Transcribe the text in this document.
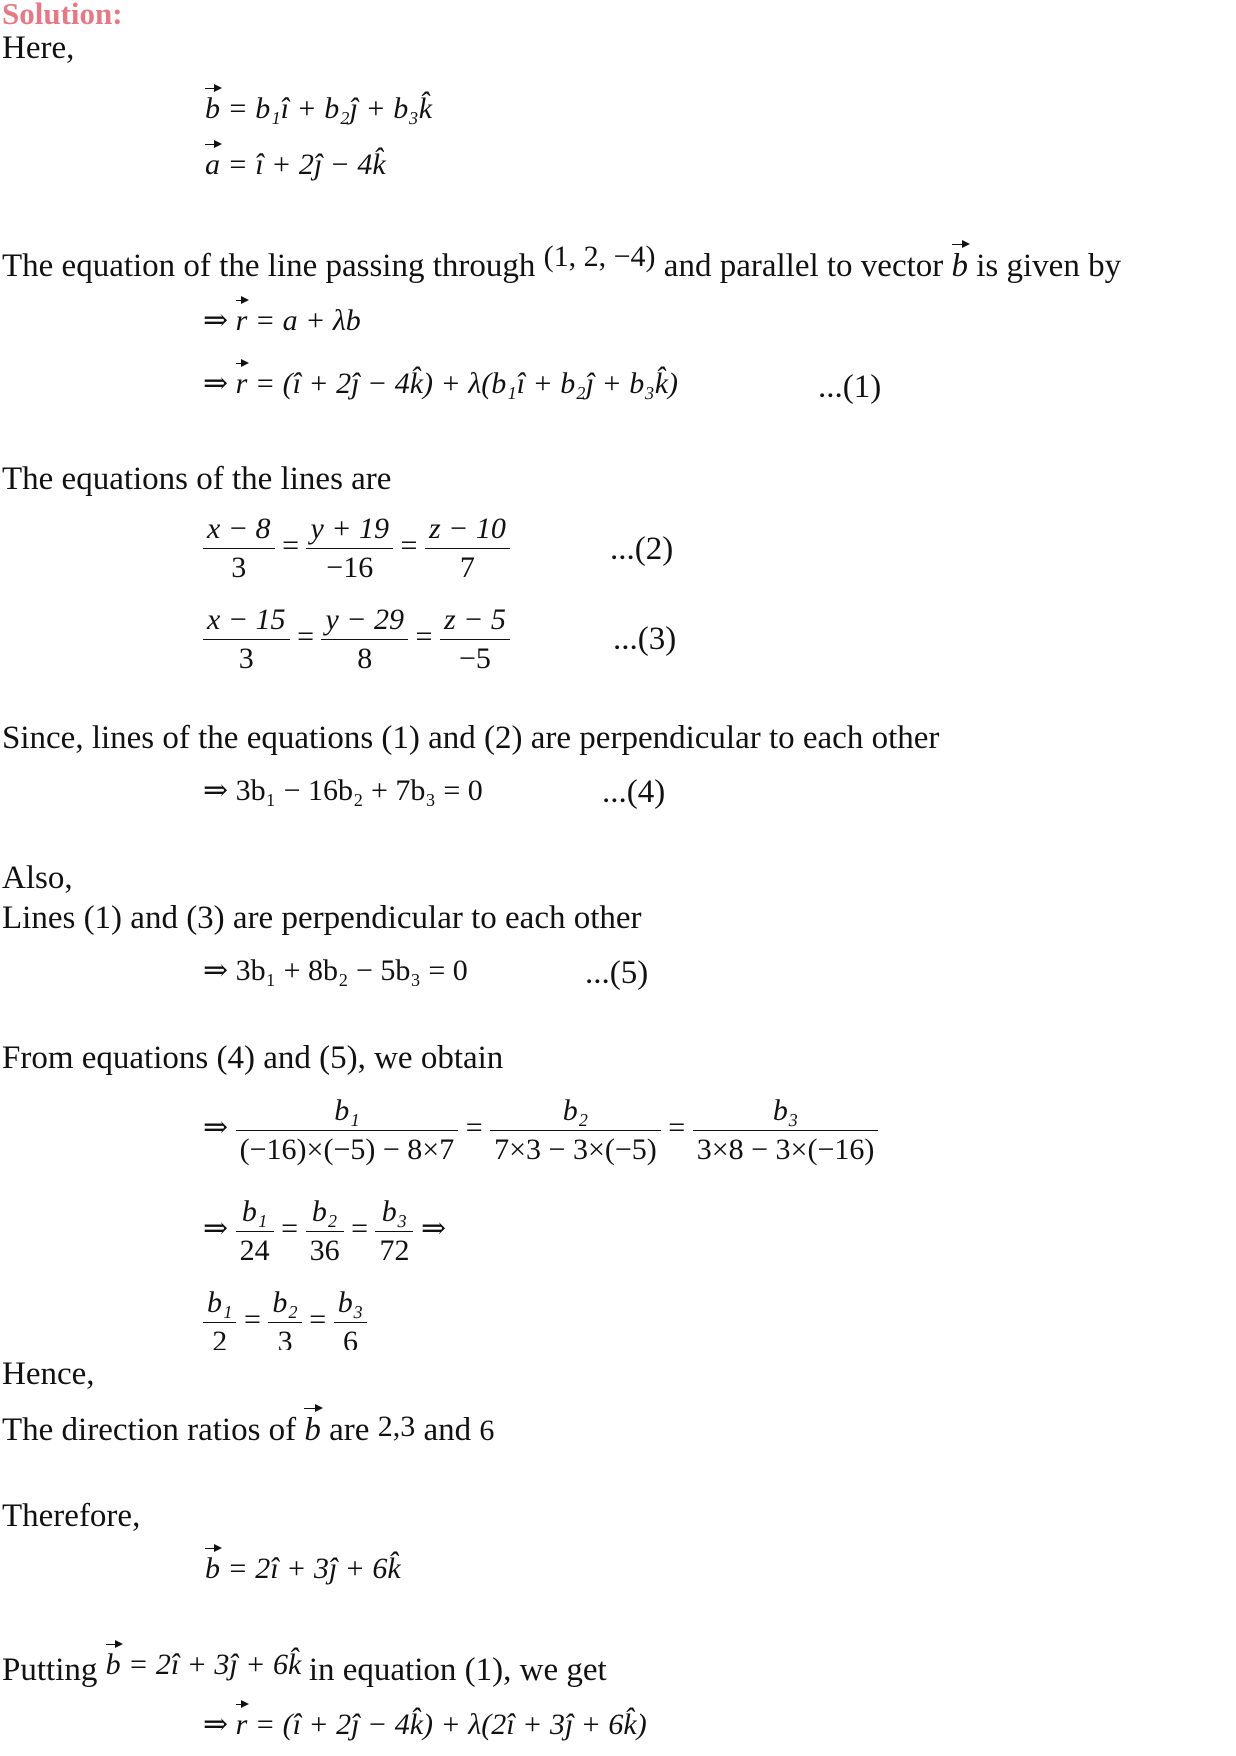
Solution:
Here,
b = b₁î + b₂ĵ + b₃k̂
a = î + 2ĵ − 4k̂
The equation of the line passing through (1, 2, −4) and parallel to vector b is given by
⇒ r = a + λb
⇒ r = (î + 2ĵ − 4k̂) + λ(b₁î + b₂ĵ + b₃k̂)	...(1)
The equations of the lines are
$\frac{x - 8}{3} = \frac{y + 19}{-16} = \frac{z - 10}{7}$	...(2)
$\frac{x - 15}{3} = \frac{y - 29}{8} = \frac{z - 5}{-5}$	...(3)
Since, lines of the equations (1) and (2) are perpendicular to each other
⇒ 3b₁ − 16b₂ + 7b₃ = 0	...(4)
Also,
Lines (1) and (3) are perpendicular to each other
⇒ 3b₁ + 8b₂ − 5b₃ = 0	...(5)
From equations (4) and (5), we obtain
⇒ $\frac{\text{b₁}}{(-16)\times(-5) - 8\times 7} = \frac{\text{b₂}}{7\times 3 - 3\times(-5)} = \frac{\text{b₃}}{3\times 8 - 3\times(-16)}$
⇒ $\frac{\text{b₁}}{24} = \frac{\text{b₂}}{36} = \frac{\text{b₃}}{72}$ ⇒
$\frac{\text{b₁}}{2} = \frac{\text{b₂}}{3} = \frac{\text{b₃}}{6}$
Hence,
The direction ratios of b are 2,3 and 6
Therefore,
b = 2î + 3ĵ + 6k̂
Putting b = 2î + 3ĵ + 6k̂ in equation (1), we get
⇒ r = (î + 2ĵ − 4k̂) + λ(2î + 3ĵ + 6k̂)
